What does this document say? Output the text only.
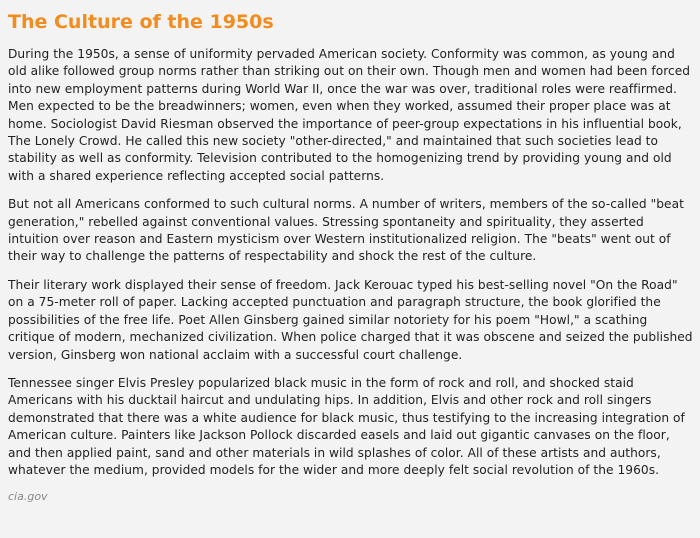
The Culture of the 1950s

During the 1950s, a sense of uniformity pervaded American society. Conformity was common, as young and old alike followed group norms rather than striking out on their own. Though men and women had been forced into new employment patterns during World War II, once the war was over, traditional roles were reaffirmed. Men expected to be the breadwinners; women, even when they worked, assumed their proper place was at home. Sociologist David Riesman observed the importance of peer-group expectations in his influential book, The Lonely Crowd. He called this new society "other-directed," and maintained that such societies lead to stability as well as conformity. Television contributed to the homogenizing trend by providing young and old with a shared experience reflecting accepted social patterns.

But not all Americans conformed to such cultural norms. A number of writers, members of the so-called "beat generation," rebelled against conventional values. Stressing spontaneity and spirituality, they asserted intuition over reason and Eastern mysticism over Western institutionalized religion. The "beats" went out of their way to challenge the patterns of respectability and shock the rest of the culture.

Their literary work displayed their sense of freedom. Jack Kerouac typed his best-selling novel "On the Road" on a 75-meter roll of paper. Lacking accepted punctuation and paragraph structure, the book glorified the possibilities of the free life. Poet Allen Ginsberg gained similar notoriety for his poem "Howl," a scathing critique of modern, mechanized civilization. When police charged that it was obscene and seized the published version, Ginsberg won national acclaim with a successful court challenge.

Tennessee singer Elvis Presley popularized black music in the form of rock and roll, and shocked staid Americans with his ducktail haircut and undulating hips. In addition, Elvis and other rock and roll singers demonstrated that there was a white audience for black music, thus testifying to the increasing integration of American culture. Painters like Jackson Pollock discarded easels and laid out gigantic canvases on the floor, and then applied paint, sand and other materials in wild splashes of color. All of these artists and authors, whatever the medium, provided models for the wider and more deeply felt social revolution of the 1960s.

cia.gov
